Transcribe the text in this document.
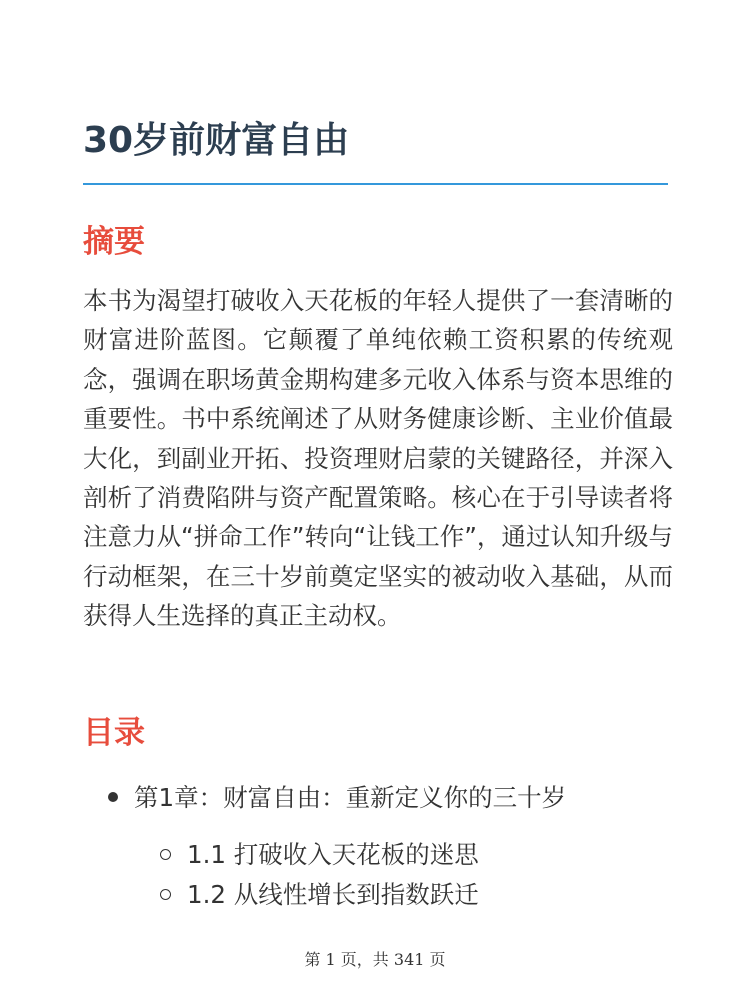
30岁前财富自由
摘要

本书为渴望打破收入天花板的年轻人提供了一套清晰的财富进阶蓝图。它颠覆了单纯依赖工资积累的传统观念，强调在职场黄金期构建多元收入体系与资本思维的重要性。书中系统阐述了从财务健康诊断、主业价值最大化，到副业开拓、投资理财启蒙的关键路径，并深入剖析了消费陷阱与资产配置策略。核心在于引导读者将注意力从“拼命工作”转向“让钱工作”，通过认知升级与行动框架，在三十岁前奠定坚实的被动收入基础，从而获得人生选择的真正主动权。

目录
第1章：财富自由：重新定义你的三十岁
1.1 打破收入天花板的迷思
1.2 从线性增长到指数跃迁
第 1 页，共 341 页
